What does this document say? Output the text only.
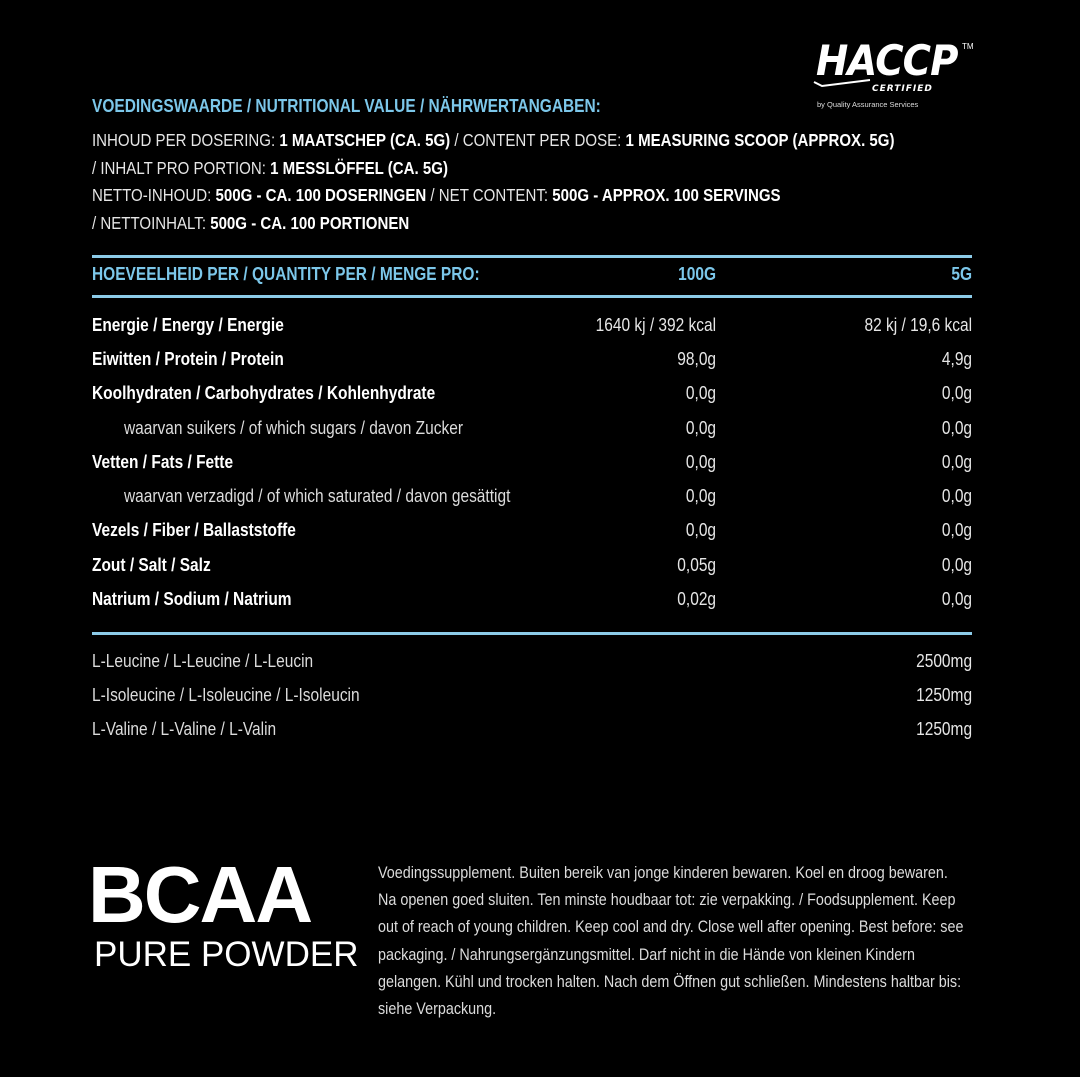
HACCP TM
CERTIFIED
by Quality Assurance Services
VOEDINGSWAARDE / NUTRITIONAL VALUE / NÄHRWERTANGABEN:
INHOUD PER DOSERING: 1 MAATSCHEP (CA. 5G) / CONTENT PER DOSE: 1 MEASURING SCOOP (APPROX. 5G)
/ INHALT PRO PORTION: 1 MESSLÖFFEL (CA. 5G)
NETTO-INHOUD: 500G - CA. 100 DOSERINGEN / NET CONTENT: 500G - APPROX. 100 SERVINGS
/ NETTOINHALT: 500G - CA. 100 PORTIONEN
HOEVEELHEID PER / QUANTITY PER / MENGE PRO:	100G	5G
Energie / Energy / Energie	1640 kj / 392 kcal	82 kj / 19,6 kcal
Eiwitten / Protein / Protein	98,0g	4,9g
Koolhydraten / Carbohydrates / Kohlenhydrate	0,0g	0,0g
waarvan suikers / of which sugars / davon Zucker	0,0g	0,0g
Vetten / Fats / Fette	0,0g	0,0g
waarvan verzadigd / of which saturated / davon gesättigt	0,0g	0,0g
Vezels / Fiber / Ballaststoffe	0,0g	0,0g
Zout / Salt / Salz	0,05g	0,0g
Natrium / Sodium / Natrium	0,02g	0,0g
L-Leucine / L-Leucine / L-Leucin	2500mg
L-Isoleucine / L-Isoleucine / L-Isoleucin	1250mg
L-Valine / L-Valine / L-Valin	1250mg
BCAA
PURE POWDER
Voedingssupplement. Buiten bereik van jonge kinderen bewaren. Koel en droog bewaren. Na openen goed sluiten. Ten minste houdbaar tot: zie verpakking. / Foodsupplement. Keep out of reach of young children. Keep cool and dry. Close well after opening. Best before: see packaging. / Nahrungsergänzungsmittel. Darf nicht in die Hände von kleinen Kindern gelangen. Kühl und trocken halten. Nach dem Öffnen gut schließen. Mindestens haltbar bis: siehe Verpackung.
